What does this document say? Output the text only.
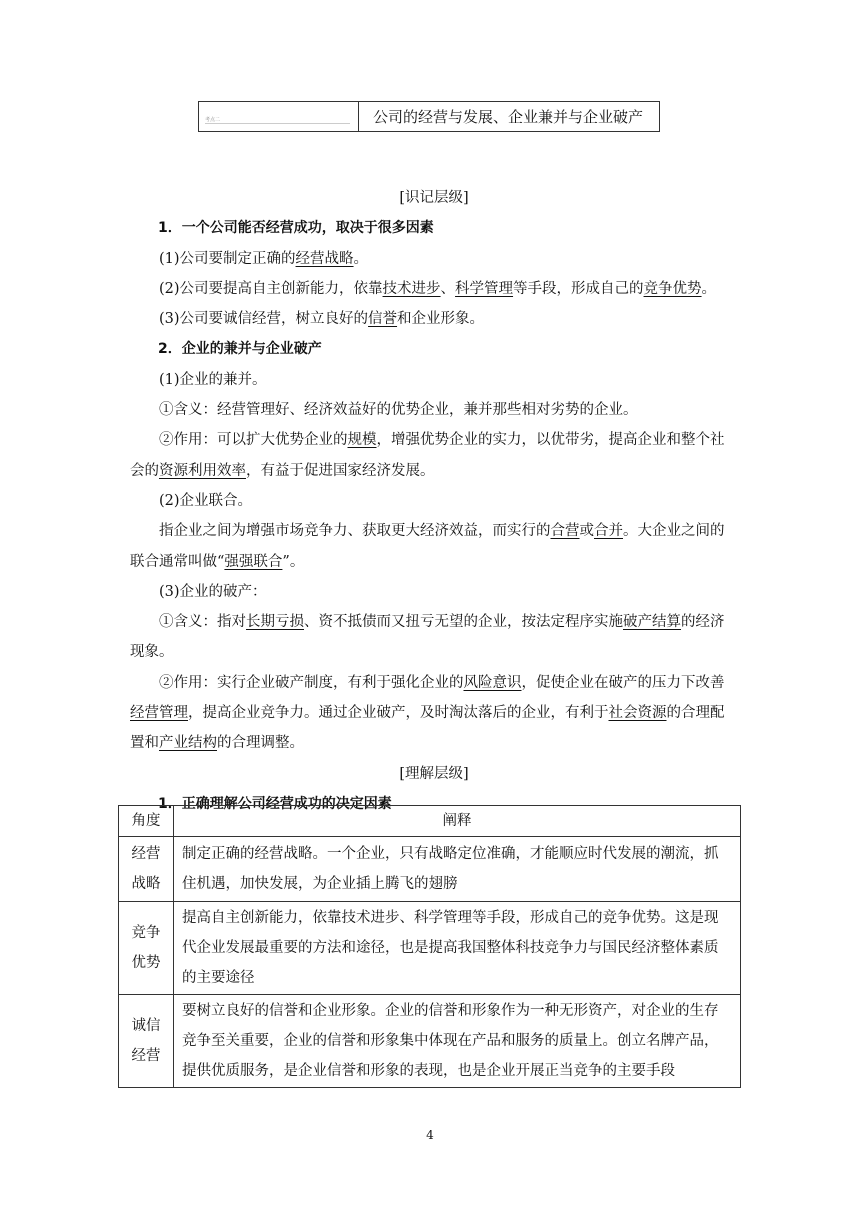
考点二	公司的经营与发展、企业兼并与企业破产

[识记层级]

1．一个公司能否经营成功，取决于很多因素

(1)公司要制定正确的经营战略。

(2)公司要提高自主创新能力，依靠技术进步、科学管理等手段，形成自己的竞争优势。

(3)公司要诚信经营，树立良好的信誉和企业形象。

2．企业的兼并与企业破产

(1)企业的兼并。

①含义：经营管理好、经济效益好的优势企业，兼并那些相对劣势的企业。

②作用：可以扩大优势企业的规模，增强优势企业的实力，以优带劣，提高企业和整个社会的资源利用效率，有益于促进国家经济发展。

(2)企业联合。

指企业之间为增强市场竞争力、获取更大经济效益，而实行的合营或合并。大企业之间的联合通常叫做“强强联合”。

(3)企业的破产：

①含义：指对长期亏损、资不抵债而又扭亏无望的企业，按法定程序实施破产结算的经济现象。

②作用：实行企业破产制度，有利于强化企业的风险意识，促使企业在破产的压力下改善经营管理，提高企业竞争力。通过企业破产，及时淘汰落后的企业，有利于社会资源的合理配置和产业结构的合理调整。

[理解层级]

1．正确理解公司经营成功的决定因素

角度	阐释
经营战略	制定正确的经营战略。一个企业，只有战略定位准确，才能顺应时代发展的潮流，抓住机遇，加快发展，为企业插上腾飞的翅膀
竞争优势	提高自主创新能力，依靠技术进步、科学管理等手段，形成自己的竞争优势。这是现代企业发展最重要的方法和途径，也是提高我国整体科技竞争力与国民经济整体素质的主要途径
诚信经营	要树立良好的信誉和企业形象。企业的信誉和形象作为一种无形资产，对企业的生存竞争至关重要，企业的信誉和形象集中体现在产品和服务的质量上。创立名牌产品，提供优质服务，是企业信誉和形象的表现，也是企业开展正当竞争的主要手段
4
